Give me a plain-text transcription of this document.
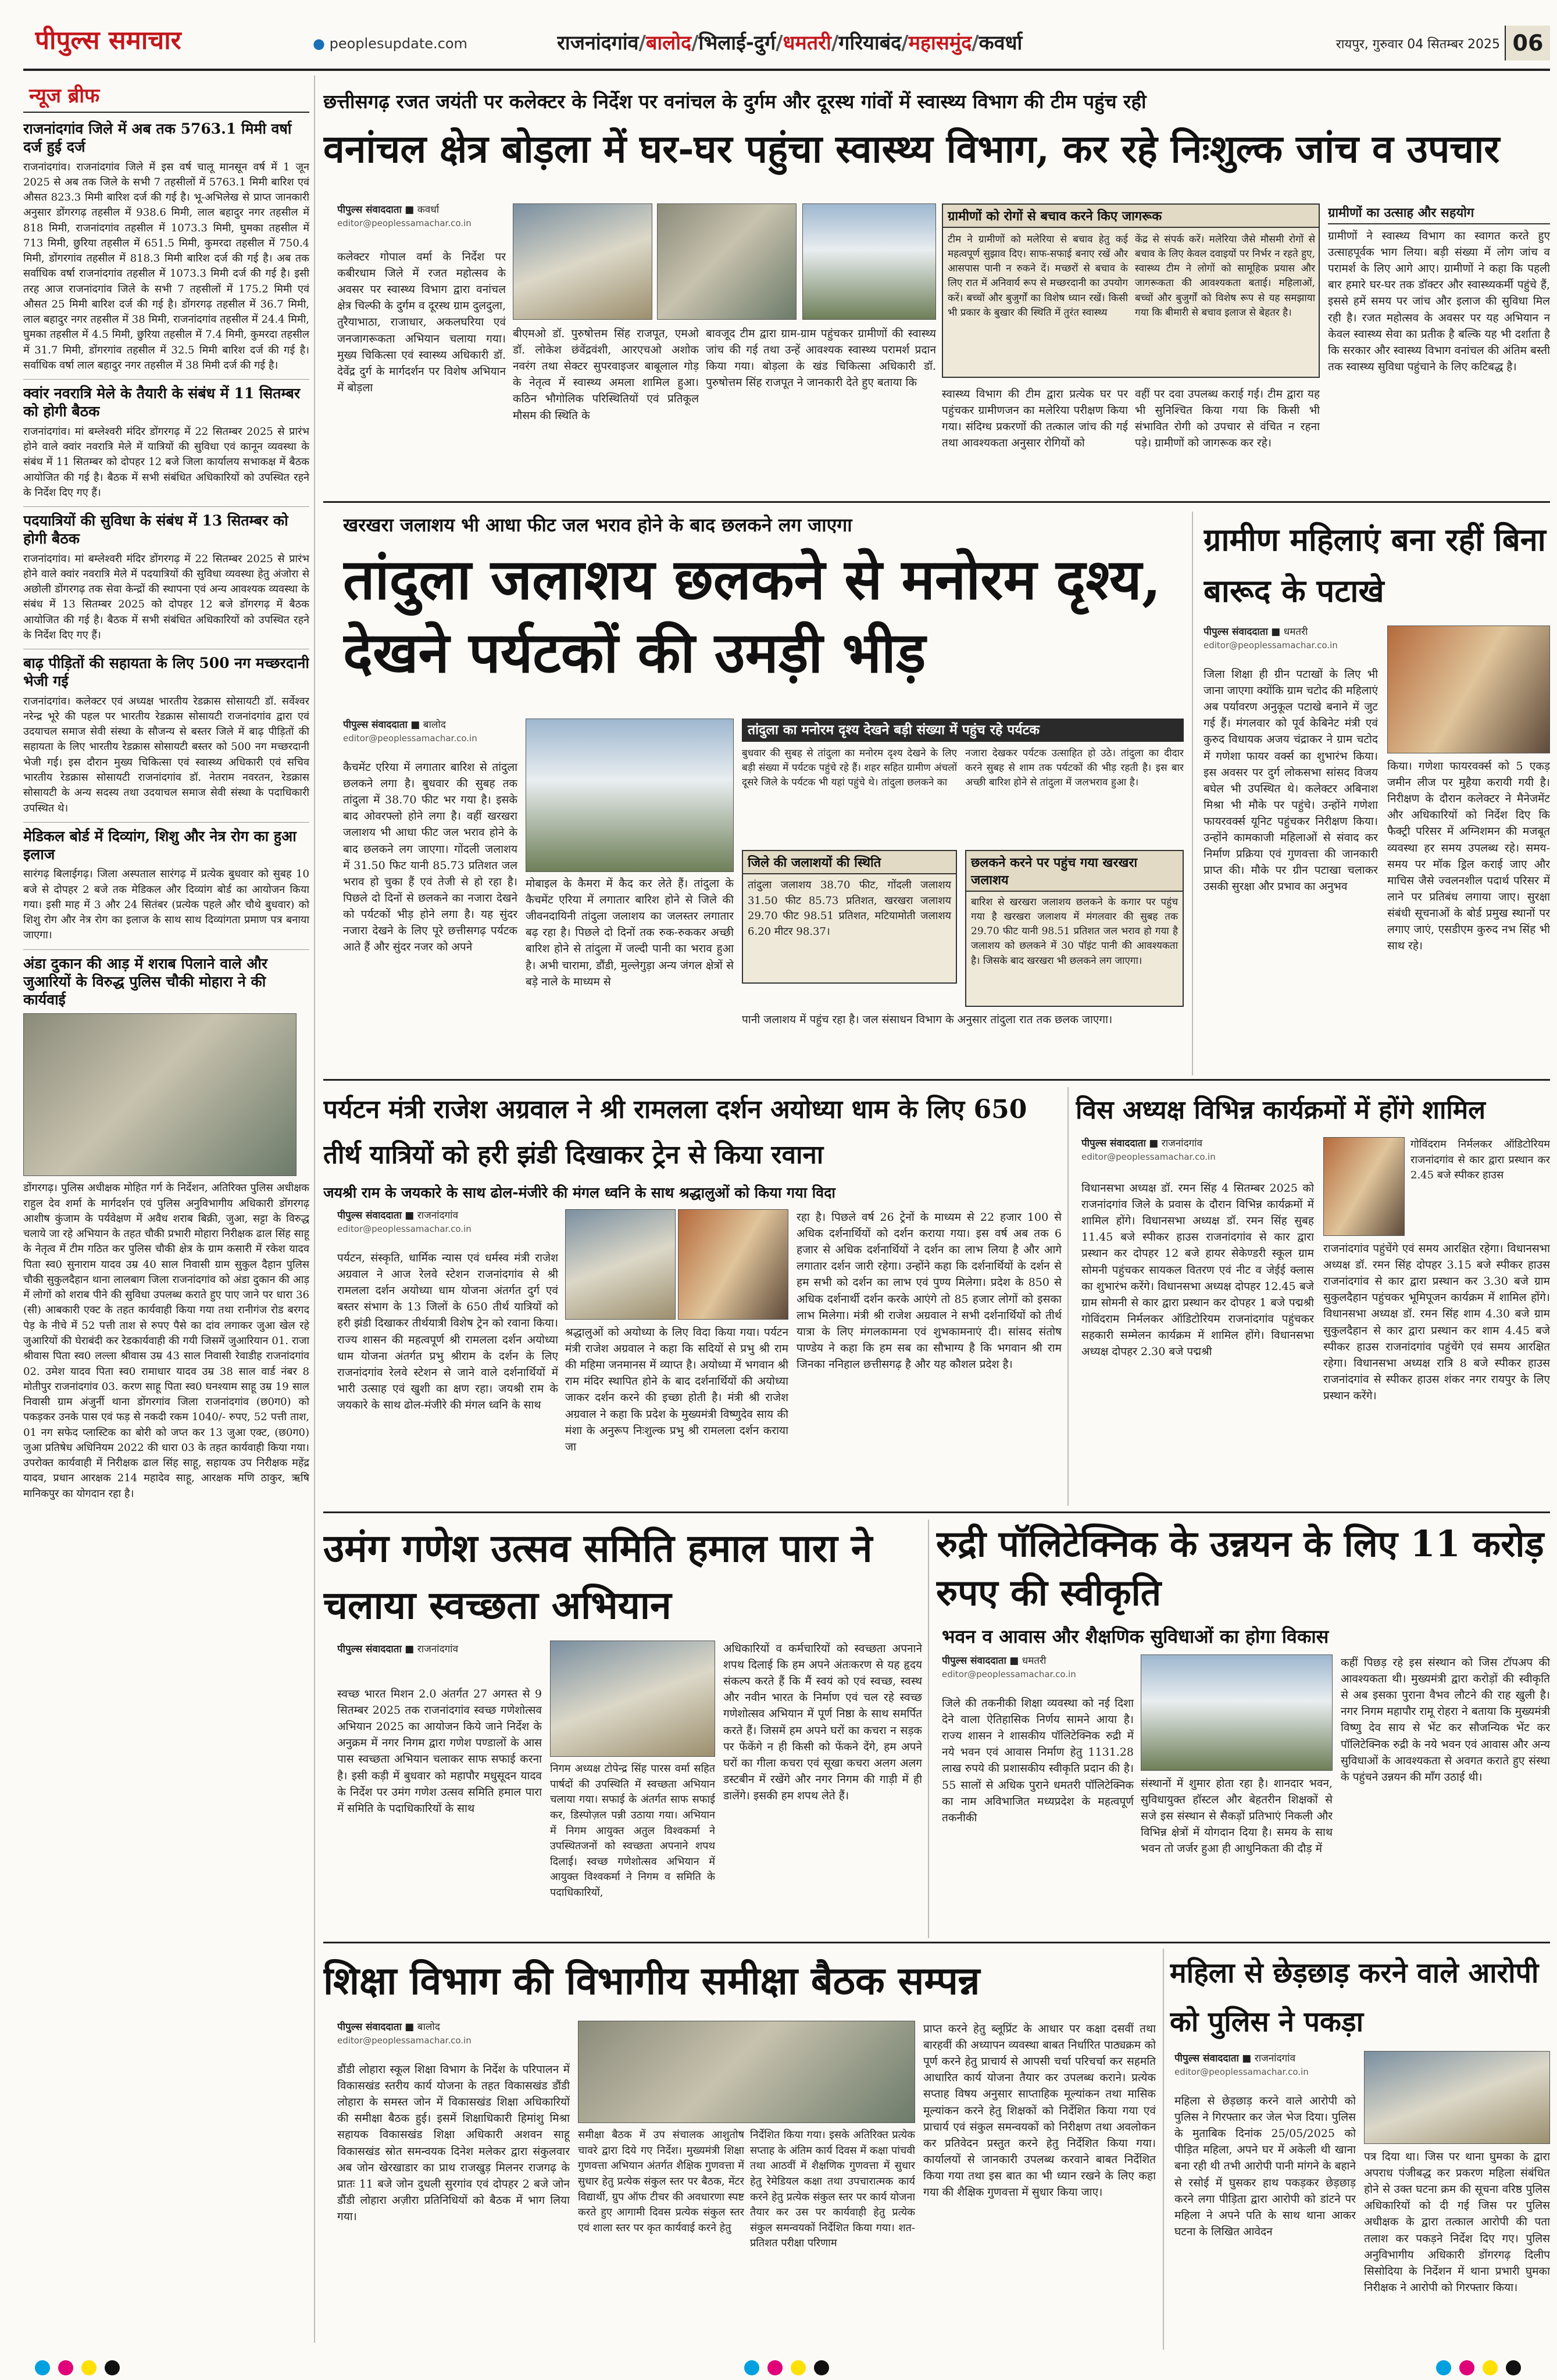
पीपुल्स समाचार	● peoplesupdate.com	राजनांदगांव/बालोद/भिलाई-दुर्ग/धमतरी/गरियाबंद/महासमुंद/कवर्धा	रायपुर, गुरुवार 04 सितम्बर 2025 06
न्यूज ब्रीफ
राजनांदगांव जिले में अब तक 5763.1 मिमी वर्षा दर्ज हुई दर्ज
राजनांदगांव। राजनांदगांव जिले में इस वर्ष चालू मानसून वर्ष में 1 जून 2025 से अब तक जिले के सभी 7 तहसीलों में 5763.1 मिमी बारिश एवं औसत 823.3 मिमी बारिश दर्ज की गई है। भू-अभिलेख से प्राप्त जानकारी अनुसार डोंगरगढ़ तहसील में 938.6 मिमी, लाल बहादुर नगर तहसील में 818 मिमी, राजनांदगांव तहसील में 1073.3 मिमी, घुमका तहसील में 713 मिमी, छुरिया तहसील में 651.5 मिमी, कुमरदा तहसील में 750.4 मिमी, डोंगरगांव तहसील में 818.3 मिमी बारिश दर्ज की गई है। अब तक सर्वाधिक वर्षा राजनांदगांव तहसील में 1073.3 मिमी दर्ज की गई है। इसी तरह आज राजनांदगांव जिले के सभी 7 तहसीलों में 175.2 मिमी एवं औसत 25 मिमी बारिश दर्ज की गई है। डोंगरगढ़ तहसील में 36.7 मिमी, लाल बहादुर नगर तहसील में 38 मिमी, राजनांदगांव तहसील में 24.4 मिमी, घुमका तहसील में 4.5 मिमी, छुरिया तहसील में 7.4 मिमी, कुमरदा तहसील में 31.7 मिमी, डोंगरगांव तहसील में 32.5 मिमी बारिश दर्ज की गई है। सर्वाधिक वर्षा लाल बहादुर नगर तहसील में 38 मिमी दर्ज की गई है।
क्वांर नवरात्रि मेले के तैयारी के संबंध में 11 सितम्बर को होगी बैठक
राजनांदगांव। मां बम्लेश्वरी मंदिर डोंगरगढ़ में 22 सितम्बर 2025 से प्रारंभ होने वाले क्वांर नवरात्रि मेले में यात्रियों की सुविधा एवं कानून व्यवस्था के संबंध में 11 सितम्बर को दोपहर 12 बजे जिला कार्यालय सभाकक्ष में बैठक आयोजित की गई है। बैठक में सभी संबंधित अधिकारियों को उपस्थित रहने के निर्देश दिए गए हैं।
पदयात्रियों की सुविधा के संबंध में 13 सितम्बर को होगी बैठक
राजनांदगांव। मां बम्लेश्वरी मंदिर डोंगरगढ़ में 22 सितम्बर 2025 से प्रारंभ होने वाले क्वांर नवरात्रि मेले में पदयात्रियों की सुविधा व्यवस्था हेतु अंजोरा से अछोली डोंगरगढ़ तक सेवा केन्द्रों की स्थापना एवं अन्य आवश्यक व्यवस्था के संबंध में 13 सितम्बर 2025 को दोपहर 12 बजे डोंगरगढ़ में बैठक आयोजित की गई है। बैठक में सभी संबंधित अधिकारियों को उपस्थित रहने के निर्देश दिए गए हैं।
बाढ़ पीड़ितों की सहायता के लिए 500 नग मच्छरदानी भेजी गई
राजनांदगांव। कलेक्टर एवं अध्यक्ष भारतीय रेडक्रास सोसायटी डॉ. सर्वेश्वर नरेन्द्र भूरे की पहल पर भारतीय रेडक्रास सोसायटी राजनांदगांव द्वारा एवं उदयाचल समाज सेवी संस्था के सौजन्य से बस्तर जिले में बाढ़ पीड़ितों की सहायता के लिए भारतीय रेडक्रास सोसायटी बस्तर को 500 नग मच्छरदानी भेजी गई। इस दौरान मुख्य चिकित्सा एवं स्वास्थ्य अधिकारी एवं सचिव भारतीय रेडक्रास सोसायटी राजनांदगांव डॉ. नेतराम नवरतन, रेडक्रास सोसायटी के अन्य सदस्य तथा उदयाचल समाज सेवी संस्था के पदाधिकारी उपस्थित थे।
मेडिकल बोर्ड में दिव्यांग, शिशु और नेत्र रोग का हुआ इलाज
सारंगढ़ बिलाईगढ़। जिला अस्पताल सारंगढ़ में प्रत्येक बुधवार को सुबह 10 बजे से दोपहर 2 बजे तक मेडिकल और दिव्यांग बोर्ड का आयोजन किया गया। इसी माह में 3 और 24 सितंबर (प्रत्येक पहले और चौथे बुधवार) को शिशु रोग और नेत्र रोग का इलाज के साथ साथ दिव्यांगता प्रमाण पत्र बनाया जाएगा।
अंडा दुकान की आड़ में शराब पिलाने वाले और जुआरियों के विरुद्ध पुलिस चौकी मोहारा ने की कार्यवाई
डोंगरगढ़। पुलिस अधीक्षक मोहित गर्ग के निर्देशन, अतिरिक्त पुलिस अधीक्षक राहुल देव शर्मा के मार्गदर्शन एवं पुलिस अनुविभागीय अधिकारी डोंगरगढ़ आशीष कुंजाम के पर्यवेक्षण में अवैध शराब बिक्री, जुआ, सट्टा के विरुद्ध चलाये जा रहे अभियान के तहत चौकी प्रभारी मोहारा निरीक्षक ढाल सिंह साहू के नेतृत्व में टीम गठित कर पुलिस चौकी क्षेत्र के ग्राम कसारी में रकेश यादव पिता स्व0 सुनाराम यादव उम्र 40 साल निवासी ग्राम सुकुल दैहान पुलिस चौकी सुकुलदैहान थाना लालबाग जिला राजनांदगांव को अंडा दुकान की आड़ में लोगों को शराब पीने की सुविधा उपलब्ध कराते हुए पाए जाने पर धारा 36 (सी) आबकारी एक्ट के तहत कार्यवाही किया गया तथा रानीगंज रोड बरगद पेड़ के नीचे में 52 पत्ती ताश से रुपए पैसे का दांव लगाकर जुआ खेल रहे जुआरियों की घेराबंदी कर रेडकार्यवाही की गयी जिसमें जुआरियान 01. राजा श्रीवास पिता स्व0 लल्ला श्रीवास उम्र 43 साल निवासी रेवाडीह राजनांदगांव 02. उमेश यादव पिता स्व0 रामाधार यादव उम्र 38 साल वार्ड नंबर 8 मोतीपुर राजनांदगांव 03. करण साहू पिता स्व0 घनश्याम साहू उम्र 19 साल निवासी ग्राम अंजुर्नी थाना डोंगरगांव जिला राजनांदगांव (छ0ग0) को पकड़कर उनके पास एवं फड़ से नकदी रकम 1040/- रुपए, 52 पत्ती ताश, 01 नग सफेद प्लास्टिक का बोरी को जप्त कर 13 जुआ एक्ट, (छ0ग0) जुआ प्रतिषेध अधिनियम 2022 की धारा 03 के तहत कार्यवाही किया गया। उपरोक्त कार्यवाही में निरीक्षक ढाल सिंह साहू, सहायक उप निरीक्षक महेंद्र यादव, प्रधान आरक्षक 214 महादेव साहू, आरक्षक मणि ठाकुर, ऋषि मानिकपुर का योगदान रहा है।
छत्तीसगढ़ रजत जयंती पर कलेक्टर के निर्देश पर वनांचल के दुर्गम और दूरस्थ गांवों में स्वास्थ्य विभाग की टीम पहुंच रही
वनांचल क्षेत्र बोड़ला में घर-घर पहुंचा स्वास्थ्य विभाग, कर रहे निःशुल्क जांच व उपचार
पीपुल्स संवाददाता ■ कवर्धा
editor@peoplessamachar.co.in
कलेक्टर गोपाल वर्मा के निर्देश पर कबीरधाम जिले में रजत महोत्सव के अवसर पर स्वास्थ्य विभाग द्वारा वनांचल क्षेत्र चिल्फी के दुर्गम व दूरस्थ ग्राम दुलदुला, तुरैयाभाठा, राजाधार, अकलघरिया एवं जनजागरूकता अभियान चलाया गया। मुख्य चिकित्सा एवं स्वास्थ्य अधिकारी डॉ. देवेंद्र दुर्ग के मार्गदर्शन पर विशेष अभियान में बोड़ला
बीएमओ डॉ. पुरुषोत्तम सिंह राजपूत, एमओ डॉ. लोकेश छंवेंद्रवंशी, आरएचओ अशोक नवरंग तथा सेक्टर सुपरवाइजर बाबूलाल गोड़ के नेतृत्व में स्वास्थ्य अमला शामिल हुआ। कठिन भौगोलिक परिस्थितियों एवं प्रतिकूल मौसम की स्थिति के
बावजूद टीम द्वारा ग्राम-ग्राम पहुंचकर ग्रामीणों की स्वास्थ्य जांच की गई तथा उन्हें आवश्यक स्वास्थ्य परामर्श प्रदान किया गया। बोड़ला के खंड चिकित्सा अधिकारी डॉ. पुरुषोत्तम सिंह राजपूत ने जानकारी देते हुए बताया कि
ग्रामीणों को रोगों से बचाव करने किए जागरूक
टीम ने ग्रामीणों को मलेरिया से बचाव हेतु कई महत्वपूर्ण सुझाव दिए। साफ-सफाई बनाए रखें और आसपास पानी न रुकने दें। मच्छरों से बचाव के लिए रात में अनिवार्य रूप से मच्छरदानी का उपयोग करें। बच्चों और बुजुर्गों का विशेष ध्यान रखें। किसी भी प्रकार के बुखार की स्थिति में तुरंत स्वास्थ्य
केंद्र से संपर्क करें। मलेरिया जैसे मौसमी रोगों से बचाव के लिए केवल दवाइयों पर निर्भर न रहते हुए, स्वास्थ्य टीम ने लोगों को सामूहिक प्रयास और जागरूकता की आवश्यकता बताई। महिलाओं, बच्चों और बुजुर्गों को विशेष रूप से यह समझाया गया कि बीमारी से बचाव इलाज से बेहतर है।
स्वास्थ्य विभाग की टीम द्वारा प्रत्येक घर पर पहुंचकर ग्रामीणजन का मलेरिया परीक्षण किया गया। संदिग्ध प्रकरणों की तत्काल जांच की गई तथा आवश्यकता अनुसार रोगियों को
वहीं पर दवा उपलब्ध कराई गई। टीम द्वारा यह भी सुनिश्चित किया गया कि किसी भी संभावित रोगी को उपचार से वंचित न रहना पड़े। ग्रामीणों को जागरूक कर रहे।
ग्रामीणों का उत्साह और सहयोग
ग्रामीणों ने स्वास्थ्य विभाग का स्वागत करते हुए उत्साहपूर्वक भाग लिया। बड़ी संख्या में लोग जांच व परामर्श के लिए आगे आए। ग्रामीणों ने कहा कि पहली बार हमारे घर-घर तक डॉक्टर और स्वास्थ्यकर्मी पहुंचे हैं, इससे हमें समय पर जांच और इलाज की सुविधा मिल रही है। रजत महोत्सव के अवसर पर यह अभियान न केवल स्वास्थ्य सेवा का प्रतीक है बल्कि यह भी दर्शाता है कि सरकार और स्वास्थ्य विभाग वनांचल की अंतिम बस्ती तक स्वास्थ्य सुविधा पहुंचाने के लिए कटिबद्ध है।
खरखरा जलाशय भी आधा फीट जल भराव होने के बाद छलकने लग जाएगा
तांदुला जलाशय छलकने से मनोरम दृश्य, देखने पर्यटकों की उमड़ी भीड़
पीपुल्स संवाददाता ■ बालोद
editor@peoplessamachar.co.in
कैचमेंट एरिया में लगातार बारिश से तांदुला छलकने लगा है। बुधवार की सुबह तक तांदुला में 38.70 फीट भर गया है। इसके बाद ओवरफ्लो होने लगा है। वहीं खरखरा जलाशय भी आधा फीट जल भराव होने के बाद छलकने लग जाएगा। गोंदली जलाशय में 31.50 फिट यानी 85.73 प्रतिशत जल भराव हो चुका हैं एवं तेजी से हो रहा है। पिछले दो दिनों से छलकने का नजारा देखने को पर्यटकों भीड़ होने लगा है। यह सुंदर नजारा देखने के लिए पूरे छत्तीसगढ़ पर्यटक आते हैं और सुंदर नजर को अपने
मोबाइल के कैमरा में कैद कर लेते हैं। तांदुला के कैचमेंट एरिया में लगातार बारिश होने से जिले की जीवनदायिनी तांदुला जलाशय का जलस्तर लगातार बढ़ रहा है। पिछले दो दिनों तक रुक-रुककर अच्छी बारिश होने से तांदुला में जल्दी पानी का भराव हुआ है। अभी चारामा, डौंडी, मुल्लेगुड़ा अन्य जंगल क्षेत्रों से बड़े नाले के माध्यम से
तांदुला का मनोरम दृश्य देखने बड़ी संख्या में पहुंच रहे पर्यटक
बुधवार की सुबह से तांदुला का मनोरम दृश्य देखने के लिए बड़ी संख्या में पर्यटक पहुंचे रहे हैं। शहर सहित ग्रामीण अंचलों दूसरे जिले के पर्यटक भी यहां पहुंचे थे। तांदुला छलकने का
नजारा देखकर पर्यटक उत्साहित हो उठे। तांदुला का दीदार करने सुबह से शाम तक पर्यटकों की भीड़ रहती है। इस बार अच्छी बारिश होने से तांदुला में जलभराव हुआ है।
जिले की जलाशयों की स्थिति
तांदुला जलाशय 38.70 फीट, गोंदली जलाशय 31.50 फीट 85.73 प्रतिशत, खरखरा जलाशय 29.70 फीट 98.51 प्रतिशत, मटियामोती जलाशय 6.20 मीटर 98.37।
छलकने करने पर पहुंच गया खरखरा जलाशय
बारिश से खरखरा जलाशय छलकने के कगार पर पहुंच गया है खरखरा जलाशय में मंगलवार की सुबह तक 29.70 फीट यानी 98.51 प्रतिशत जल भराव हो गया है जलाशय को छलकने में 30 पॉइंट पानी की आवश्यकता है। जिसके बाद खरखरा भी छलकने लग जाएगा।
पानी जलाशय में पहुंच रहा है। जल संसाधन विभाग के अनुसार तांदुला रात तक छलक जाएगा।
ग्रामीण महिलाएं बना रहीं बिना बारूद के पटाखे
पीपुल्स संवाददाता ■ धमतरी
editor@peoplessamachar.co.in
जिला शिक्षा ही ग्रीन पटाखों के लिए भी जाना जाएगा क्योंकि ग्राम चटोद की महिलाएं अब पर्यावरण अनुकूल पटाखे बनाने में जुट गई हैं। मंगलवार को पूर्व केबिनेट मंत्री एवं कुरुद विधायक अजय चंद्राकर ने ग्राम चटोद में गणेशा फायर वर्क्स का शुभारंभ किया। इस अवसर पर दुर्ग लोकसभा सांसद विजय बघेल भी उपस्थित थे। कलेक्टर अबिनाश मिश्रा भी मौके पर पहुंचे। उन्होंने गणेशा फायरवर्क्स यूनिट पहुंचकर निरीक्षण किया। उन्होंने कामकाजी महिलाओं से संवाद कर निर्माण प्रक्रिया एवं गुणवत्ता की जानकारी प्राप्त की। मौके पर ग्रीन पटाखा चलाकर उसकी सुरक्षा और प्रभाव का अनुभव
किया। गणेशा फायरवर्क्स को 5 एकड़ जमीन लीज पर मुहैया करायी गयी है। निरीक्षण के दौरान कलेक्टर ने मैनेजमेंट और अधिकारियों को निर्देश दिए कि फैक्ट्री परिसर में अग्निशमन की मजबूत व्यवस्था हर समय उपलब्ध रहे। समय-समय पर मॉक ड्रिल कराई जाए और माचिस जैसे ज्वलनशील पदार्थ परिसर में लाने पर प्रतिबंध लगाया जाए। सुरक्षा संबंधी सूचनाओं के बोर्ड प्रमुख स्थानों पर लगाए जाएं, एसडीएम कुरुद नभ सिंह भी साथ रहे।
पर्यटन मंत्री राजेश अग्रवाल ने श्री रामलला दर्शन अयोध्या धाम के लिए 650 तीर्थ यात्रियों को हरी झंडी दिखाकर ट्रेन से किया रवाना
जयश्री राम के जयकारे के साथ ढोल-मंजीरे की मंगल ध्वनि के साथ श्रद्धालुओं को किया गया विदा
पीपुल्स संवाददाता ■ राजनांदगांव
editor@peoplessamachar.co.in
पर्यटन, संस्कृति, धार्मिक न्यास एवं धर्मस्व मंत्री राजेश अग्रवाल ने आज रेलवे स्टेशन राजनांदगांव से श्री रामलला दर्शन अयोध्या धाम योजना अंतर्गत दुर्ग एवं बस्तर संभाग के 13 जिलों के 650 तीर्थ यात्रियों को हरी झंडी दिखाकर तीर्थयात्री विशेष ट्रेन को रवाना किया। राज्य शासन की महत्वपूर्ण श्री रामलला दर्शन अयोध्या धाम योजना अंतर्गत प्रभु श्रीराम के दर्शन के लिए राजनांदगांव रेलवे स्टेशन से जाने वाले दर्शनार्थियों में भारी उत्साह एवं खुशी का क्षण रहा। जयश्री राम के जयकारे के साथ ढोल-मंजीरे की मंगल ध्वनि के साथ
श्रद्धालुओं को अयोध्या के लिए विदा किया गया। पर्यटन मंत्री राजेश अग्रवाल ने कहा कि सदियों से प्रभु श्री राम की महिमा जनमानस में व्याप्त है। अयोध्या में भगवान श्री राम मंदिर स्थापित होने के बाद दर्शनार्थियों की अयोध्या जाकर दर्शन करने की इच्छा होती है। मंत्री श्री राजेश अग्रवाल ने कहा कि प्रदेश के मुख्यमंत्री विष्णुदेव साय की मंशा के अनुरूप निःशुल्क प्रभु श्री रामलला दर्शन कराया जा
रहा है। पिछले वर्ष 26 ट्रेनों के माध्यम से 22 हजार 100 से अधिक दर्शनार्थियों को दर्शन कराया गया। इस वर्ष अब तक 6 हजार से अधिक दर्शनार्थियों ने दर्शन का लाभ लिया है और आगे लगातार दर्शन जारी रहेगा। उन्होंने कहा कि दर्शनार्थियों के दर्शन से हम सभी को दर्शन का लाभ एवं पुण्य मिलेगा। प्रदेश के 850 से अधिक दर्शनार्थी दर्शन करके आएंगे तो 85 हजार लोगों को इसका लाभ मिलेगा। मंत्री श्री राजेश अग्रवाल ने सभी दर्शनार्थियों को तीर्थ यात्रा के लिए मंगलकामना एवं शुभकामनाएं दी। सांसद संतोष पाण्डेय ने कहा कि हम सब का सौभाग्य है कि भगवान श्री राम जिनका ननिहाल छत्तीसगढ़ है और यह कौशल प्रदेश है।
विस अध्यक्ष विभिन्न कार्यक्रमों में होंगे शामिल
पीपुल्स संवाददाता ■ राजनांदगांव
editor@peoplessamachar.co.in
विधानसभा अध्यक्ष डॉ. रमन सिंह 4 सितम्बर 2025 को राजनांदगांव जिले के प्रवास के दौरान विभिन्न कार्यक्रमों में शामिल होंगे। विधानसभा अध्यक्ष डॉ. रमन सिंह सुबह 11.45 बजे स्पीकर हाउस राजनांदगांव से कार द्वारा प्रस्थान कर दोपहर 12 बजे हायर सेकेण्डरी स्कूल ग्राम सोमनी पहुंचकर सायकल वितरण एवं नीट व जेईई क्लास का शुभारंभ करेंगे। विधानसभा अध्यक्ष दोपहर 12.45 बजे ग्राम सोमनी से कार द्वारा प्रस्थान कर दोपहर 1 बजे पद्मश्री गोविंदराम निर्मलकर ऑडिटोरियम राजनांदगांव पहुंचकर सहकारी सम्मेलन कार्यक्रम में शामिल होंगे। विधानसभा अध्यक्ष दोपहर 2.30 बजे पद्मश्री
गोविंदराम निर्मलकर ऑडिटोरियम राजनांदगांव से कार द्वारा प्रस्थान कर 2.45 बजे स्पीकर हाउस
राजनांदगांव पहुंचेंगे एवं समय आरक्षित रहेगा। विधानसभा अध्यक्ष डॉ. रमन सिंह दोपहर 3.15 बजे स्पीकर हाउस राजनांदगांव से कार द्वारा प्रस्थान कर 3.30 बजे ग्राम सुकुलदैहान पहुंचकर भूमिपूजन कार्यक्रम में शामिल होंगे। विधानसभा अध्यक्ष डॉ. रमन सिंह शाम 4.30 बजे ग्राम सुकुलदैहान से कार द्वारा प्रस्थान कर शाम 4.45 बजे स्पीकर हाउस राजनांदगांव पहुंचेंगे एवं समय आरक्षित रहेगा। विधानसभा अध्यक्ष रात्रि 8 बजे स्पीकर हाउस राजनांदगांव से स्पीकर हाउस शंकर नगर रायपुर के लिए प्रस्थान करेंगे।
उमंग गणेश उत्सव समिति हमाल पारा ने चलाया स्वच्छता अभियान
पीपुल्स संवाददाता ■ राजनांदगांव
स्वच्छ भारत मिशन 2.0 अंतर्गत 27 अगस्त से 9 सितम्बर 2025 तक राजनांदगांव स्वच्छ गणेशोत्सव अभियान 2025 का आयोजन किये जाने निर्देश के अनुक्रम में नगर निगम द्वारा गणेश पण्डालों के आस पास स्वच्छता अभियान चलाकर साफ सफाई करना है। इसी कड़ी में बुधवार को महापौर मधुसूदन यादव के निर्देश पर उमंग गणेश उत्सव समिति हमाल पारा में समिति के पदाधिकारियों के साथ
निगम अध्यक्ष टोपेन्द्र सिंह पारस वर्मा सहित पार्षदों की उपस्थिति में स्वच्छता अभियान चलाया गया। सफाई के अंतर्गत साफ सफाई कर, डिस्पोज़ल पन्नी उठाया गया। अभियान में निगम आयुक्त अतुल विश्वकर्मा ने उपस्थितजनों को स्वच्छता अपनाने शपथ दिलाई। स्वच्छ गणेशोत्सव अभियान में आयुक्त विश्वकर्मा ने निगम व समिति के पदाधिकारियों,
अधिकारियों व कर्मचारियों को स्वच्छता अपनाने शपथ दिलाई कि हम अपने अंतःकरण से यह हृदय संकल्प करते हैं कि मैं स्वयं को एवं स्वच्छ, स्वस्थ और नवीन भारत के निर्माण एवं चल रहे स्वच्छ गणेशोत्सव अभियान में पूर्ण निष्ठा के साथ समर्पित करते हैं। जिसमें हम अपने घरों का कचरा न सड़क पर फेंकेंगे न ही किसी को फेंकने देंगे, हम अपने घरों का गीला कचरा एवं सूखा कचरा अलग अलग डस्टबीन में रखेंगे और नगर निगम की गाड़ी में ही डालेंगे। इसकी हम शपथ लेते हैं।
रुद्री पॉलिटेक्निक के उन्नयन के लिए 11 करोड़ रुपए की स्वीकृति
भवन व आवास और शैक्षणिक सुविधाओं का होगा विकास
पीपुल्स संवाददाता ■ धमतरी
editor@peoplessamachar.co.in
जिले की तकनीकी शिक्षा व्यवस्था को नई दिशा देने वाला ऐतिहासिक निर्णय सामने आया है। राज्य शासन ने शासकीय पॉलिटेक्निक रुद्री में नये भवन एवं आवास निर्माण हेतु 1131.28 लाख रुपये की प्रशासकीय स्वीकृति प्रदान की है। 55 सालों से अधिक पुराने धमतरी पॉलिटेक्निक का नाम अविभाजित मध्यप्रदेश के महत्वपूर्ण तकनीकी
संस्थानों में शुमार होता रहा है। शानदार भवन, सुविधायुक्त हॉस्टल और बेहतरीन शिक्षकों से सजे इस संस्थान से सैकड़ों प्रतिभाएं निकली और विभिन्न क्षेत्रों में योगदान दिया है। समय के साथ भवन तो जर्जर हुआ ही आधुनिकता की दौड़ में
कहीं पिछड़ रहे इस संस्थान को जिस टॉपअप की आवश्यकता थी। मुख्यमंत्री द्वारा करोड़ों की स्वीकृति से अब इसका पुराना वैभव लौटने की राह खुली है। नगर निगम महापौर रामू रोहरा ने बताया कि मुख्यमंत्री विष्णु देव साय से भेंट कर सौजन्यिक भेंट कर पॉलिटेक्निक रुद्री के नये भवन एवं आवास और अन्य सुविधाओं के आवश्यकता से अवगत कराते हुए संस्था के पहुंचने उन्नयन की माँग उठाई थी।
शिक्षा विभाग की विभागीय समीक्षा बैठक सम्पन्न
पीपुल्स संवाददाता ■ बालोद
editor@peoplessamachar.co.in
डौंडी लोहारा स्कूल शिक्षा विभाग के निर्देश के परिपालन में विकासखंड स्तरीय कार्य योजना के तहत विकासखंड डौंडी लोहारा के समस्त जोन में विकासखंड शिक्षा अधिकारियों की समीक्षा बैठक हुई। इसमें शिक्षाधिकारी हिमांशु मिश्रा सहायक विकासखंड शिक्षा अधिकारी अशवन साहू विकासखंड स्रोत समन्वयक दिनेश मलेकर द्वारा संकुलवार अब जोन खेरखाडार का प्राथ राजखुड़ मिलनर राजगढ़ के प्रातः 11 बजे जोन दुधली सुरगांव एवं दोपहर 2 बजे जोन डौंडी लोहारा अज़ीरा प्रतिनिधियों को बैठक में भाग लिया गया।
समीक्षा बैठक में उप संचालक आशुतोष चावरे द्वारा दिये गए निर्देश। मुख्यमंत्री शिक्षा गुणवत्ता अभियान अंतर्गत शैक्षिक गुणवत्ता में सुधार हेतु प्रत्येक संकुल स्तर पर बैठक, मेंटर विद्यार्थी, ग्रुप ऑफ टीचर की अवधारणा स्पष्ट करते हुए आगामी दिवस प्रत्येक संकुल स्तर एवं शाला स्तर पर कृत कार्यवाई करने हेतु
निर्देशित किया गया। इसके अतिरिक्त प्रत्येक सप्ताह के अंतिम कार्य दिवस में कक्षा पांचवी तथा आठवीं में शैक्षणिक गुणवत्ता में सुधार हेतु रेमेडियल कक्षा तथा उपचारात्मक कार्य करने हेतु प्रत्येक संकुल स्तर पर कार्य योजना तैयार कर उस पर कार्यवाही हेतु प्रत्येक संकुल समन्वयकों निर्देशित किया गया। शत-प्रतिशत परीक्षा परिणाम
प्राप्त करने हेतु ब्लूप्रिंट के आधार पर कक्षा दसवीं तथा बारहवीं की अध्यापन व्यवस्था बाबत निर्धारित पाठ्यक्रम को पूर्ण करने हेतु प्राचार्य से आपसी चर्चा परिचर्चा कर सहमति आधारित कार्य योजना तैयार कर उपलब्ध कराने। प्रत्येक सप्ताह विषय अनुसार साप्ताहिक मूल्यांकन तथा मासिक मूल्यांकन करने हेतु शिक्षकों को निर्देशित किया गया एवं प्राचार्य एवं संकुल समन्वयकों को निरीक्षण तथा अवलोकन कर प्रतिवेदन प्रस्तुत करने हेतु निर्देशित किया गया। कार्यालयों से जानकारी उपलब्ध करवाने बाबत निर्देशित किया गया तथा इस बात का भी ध्यान रखने के लिए कहा गया की शैक्षिक गुणवत्ता में सुधार किया जाए।
महिला से छेड़छाड़ करने वाले आरोपी को पुलिस ने पकड़ा
पीपुल्स संवाददाता ■ राजनांदगांव
editor@peoplessamachar.co.in
महिला से छेड़छाड़ करने वाले आरोपी को पुलिस ने गिरफ्तार कर जेल भेज दिया। पुलिस के मुताबिक दिनांक 25/05/2025 को पीड़ित महिला, अपने घर में अकेली थी खाना बना रही थी तभी आरोपी पानी मांगने के बहाने से रसोई में घुसकर हाथ पकड़कर छेड़छाड़ करने लगा पीड़िता द्वारा आरोपी को डांटने पर महिला ने अपने पति के साथ थाना आकर घटना के लिखित आवेदन
पत्र दिया था। जिस पर थाना घुमका के द्वारा अपराध पंजीबद्ध कर प्रकरण महिला संबंधित होने से उक्त घटना क्रम की सूचना वरिष्ठ पुलिस अधिकारियों को दी गई जिस पर पुलिस अधीक्षक के द्वारा तत्काल आरोपी की पता तलाश कर पकड़ने निर्देश दिए गए। पुलिस अनुविभागीय अधिकारी डोंगरगढ़ दिलीप सिसोदिया के निर्देशन में थाना प्रभारी घुमका निरीक्षक ने आरोपी को गिरफ्तार किया।
